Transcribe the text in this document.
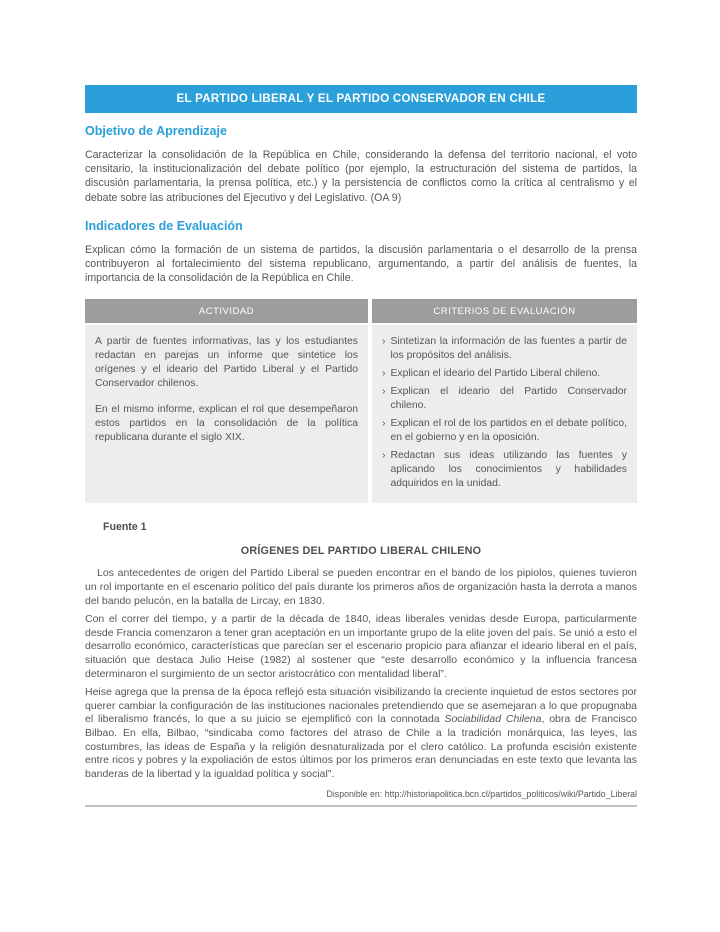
EL PARTIDO LIBERAL Y EL PARTIDO CONSERVADOR EN CHILE
Objetivo de Aprendizaje

Caracterizar la consolidación de la República en Chile, considerando la defensa del territorio nacional, el voto censitario, la institucionalización del debate político (por ejemplo, la estructuración del sistema de partidos, la discusión parlamentaria, la prensa política, etc.) y la persistencia de conflictos como la crítica al centralismo y el debate sobre las atribuciones del Ejecutivo y del Legislativo. (OA 9)

Indicadores de Evaluación

Explican cómo la formación de un sistema de partidos, la discusión parlamentaria o el desarrollo de la prensa contribuyeron al fortalecimiento del sistema republicano, argumentando, a partir del análisis de fuentes, la importancia de la consolidación de la República en Chile.

ACTIVIDAD	CRITERIOS DE EVALUACIÓN

A partir de fuentes informativas, las y los estudiantes redactan en parejas un informe que sintetice los orígenes y el ideario del Partido Liberal y el Partido Conservador chilenos.

En el mismo informe, explican el rol que desempeñaron estos partidos en la consolidación de la política republicana durante el siglo XIX.

› Sintetizan la información de las fuentes a partir de los propósitos del análisis.
› Explican el ideario del Partido Liberal chileno.
› Explican el ideario del Partido Conservador chileno.
› Explican el rol de los partidos en el debate político, en el gobierno y en la oposición.
› Redactan sus ideas utilizando las fuentes y aplicando los conocimientos y habilidades adquiridos en la unidad.
Fuente 1
ORÍGENES DEL PARTIDO LIBERAL CHILENO

Los antecedentes de origen del Partido Liberal se pueden encontrar en el bando de los pipiolos, quienes tuvieron un rol importante en el escenario político del país durante los primeros años de organización hasta la derrota a manos del bando pelucón, en la batalla de Lircay, en 1830.

Con el correr del tiempo, y a partir de la década de 1840, ideas liberales venidas desde Europa, particularmente desde Francia comenzaron a tener gran aceptación en un importante grupo de la elite joven del país. Se unió a esto el desarrollo económico, características que parecían ser el escenario propicio para afianzar el ideario liberal en el país, situación que destaca Julio Heise (1982) al sostener que “este desarrollo económico y la influencia francesa determinaron el surgimiento de un sector aristocrático con mentalidad liberal”.

Heise agrega que la prensa de la época reflejó esta situación visibilizando la creciente inquietud de estos sectores por querer cambiar la configuración de las instituciones nacionales pretendiendo que se asemejaran a lo que propugnaba el liberalismo francés, lo que a su juicio se ejemplificó con la connotada Sociabilidad Chilena, obra de Francisco Bilbao. En ella, Bilbao, “sindicaba como factores del atraso de Chile a la tradición monárquica, las leyes, las costumbres, las ideas de España y la religión desnaturalizada por el clero católico. La profunda escisión existente entre ricos y pobres y la expoliación de estos últimos por los primeros eran denunciadas en este texto que levanta las banderas de la libertad y la igualdad política y social”.

Disponible en: http://historiapolitica.bcn.cl/partidos_politicos/wiki/Partido_Liberal
